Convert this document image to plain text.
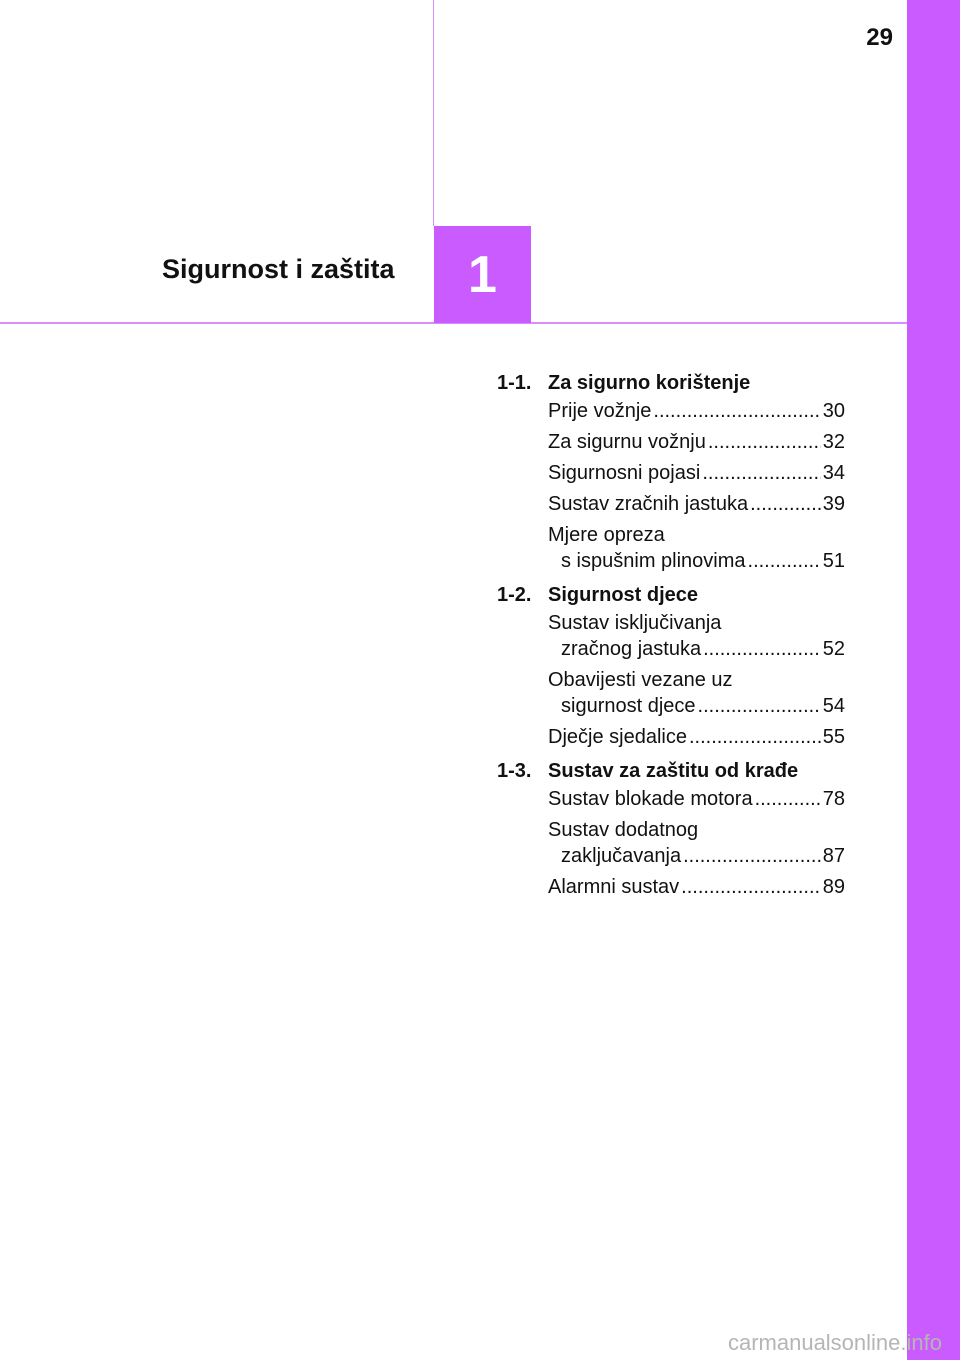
29
1
Sigurnost i zaštita
1-1. Za sigurno korištenje
Prije vožnje .....	30
Za sigurnu vožnju .....	32
Sigurnosni pojasi .....	34
Sustav zračnih jastuka .....	39
Mjere opreza
s ispušnim plinovima .....	51
1-2. Sigurnost djece
Sustav isključivanja
zračnog jastuka .....	52
Obavijesti vezane uz
sigurnost djece .....	54
Dječje sjedalice .....	55
1-3. Sustav za zaštitu od krađe
Sustav blokade motora .....	78
Sustav dodatnog
zaključavanja .....	87
Alarmni sustav .....	89
carmanualsonline.info
